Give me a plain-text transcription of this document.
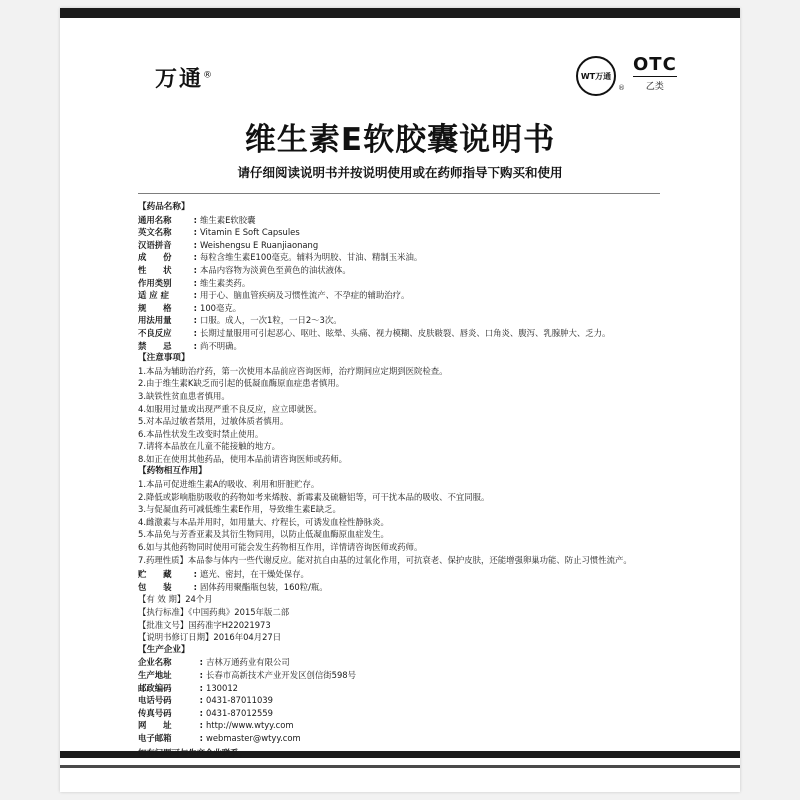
万通®	WT 万通
®
OTC
乙类
维生素E软胶囊说明书
请仔细阅读说明书并按说明使用或在药师指导下购买和使用

【药品名称】

通用名称	: 维生素E软胶囊
英文名称	: Vitamin E Soft Capsules
汉语拼音	: Weishengsu E Ruanjiaonang
成　　份	: 每粒含维生素E100毫克。辅料为明胶、甘油、精制玉米油。
性　　状	: 本品内容物为淡黄色至黄色的油状液体。
作用类别	: 维生素类药。
适 应 症	: 用于心、脑血管疾病及习惯性流产、不孕症的辅助治疗。
规　　格	: 100毫克。
用法用量	: 口服。成人，一次1粒，一日2～3次。
不良反应	: 长期过量服用可引起恶心、呕吐、眩晕、头痛、视力模糊、皮肤皲裂、唇炎、口角炎、腹泻、乳腺肿大、乏力。
禁　　忌	: 尚不明确。

【注意事项】

1.本品为辅助治疗药，第一次使用本品前应咨询医师，治疗期间应定期到医院检查。

2.由于维生素K缺乏而引起的低凝血酶原血症患者慎用。

3.缺铁性贫血患者慎用。

4.如服用过量或出现严重不良反应，应立即就医。

5.对本品过敏者禁用，过敏体质者慎用。

6.本品性状发生改变时禁止使用。

7.请将本品放在儿童不能接触的地方。

8.如正在使用其他药品，使用本品前请咨询医师或药师。

【药物相互作用】

1.本品可促进维生素A的吸收、利用和肝脏贮存。

2.降低或影响脂肪吸收的药物如考来烯胺、新霉素及硫糖铝等，可干扰本品的吸收、不宜同服。

3.与促凝血药可减低维生素E作用，导致维生素E缺乏。

4.雌激素与本品并用时，如用量大、疗程长，可诱发血栓性静脉炎。

5.本品免与芳香亚素及其衍生物同用，以防止低凝血酶原血症发生。

6.如与其他药物同时使用可能会发生药物相互作用，详情请咨询医师或药师。

7.药理性质】本品参与体内一些代谢反应。能对抗自由基的过氧化作用，可抗衰老、保护皮肤，还能增强卵巢功能、防止习惯性流产。

贮　　藏	: 遮光、密封，在干燥处保存。
包　　装	: 固体药用聚酯瓶包装，160粒/瓶。

【有 效 期】24个月

【执行标准】《中国药典》2015年版二部

【批准文号】国药准字H22021973

【说明书修订日期】2016年04月27日

【生产企业】

企业名称	: 吉林万通药业有限公司
生产地址	: 长春市高新技术产业开发区创信街598号
邮政编码	: 130012
电话号码	: 0431-87011039
传真号码	: 0431-87012559
网　　址	: http://www.wtyy.com
电子邮箱	: webmaster@wtyy.com

如有问题可与生产企业联系。
